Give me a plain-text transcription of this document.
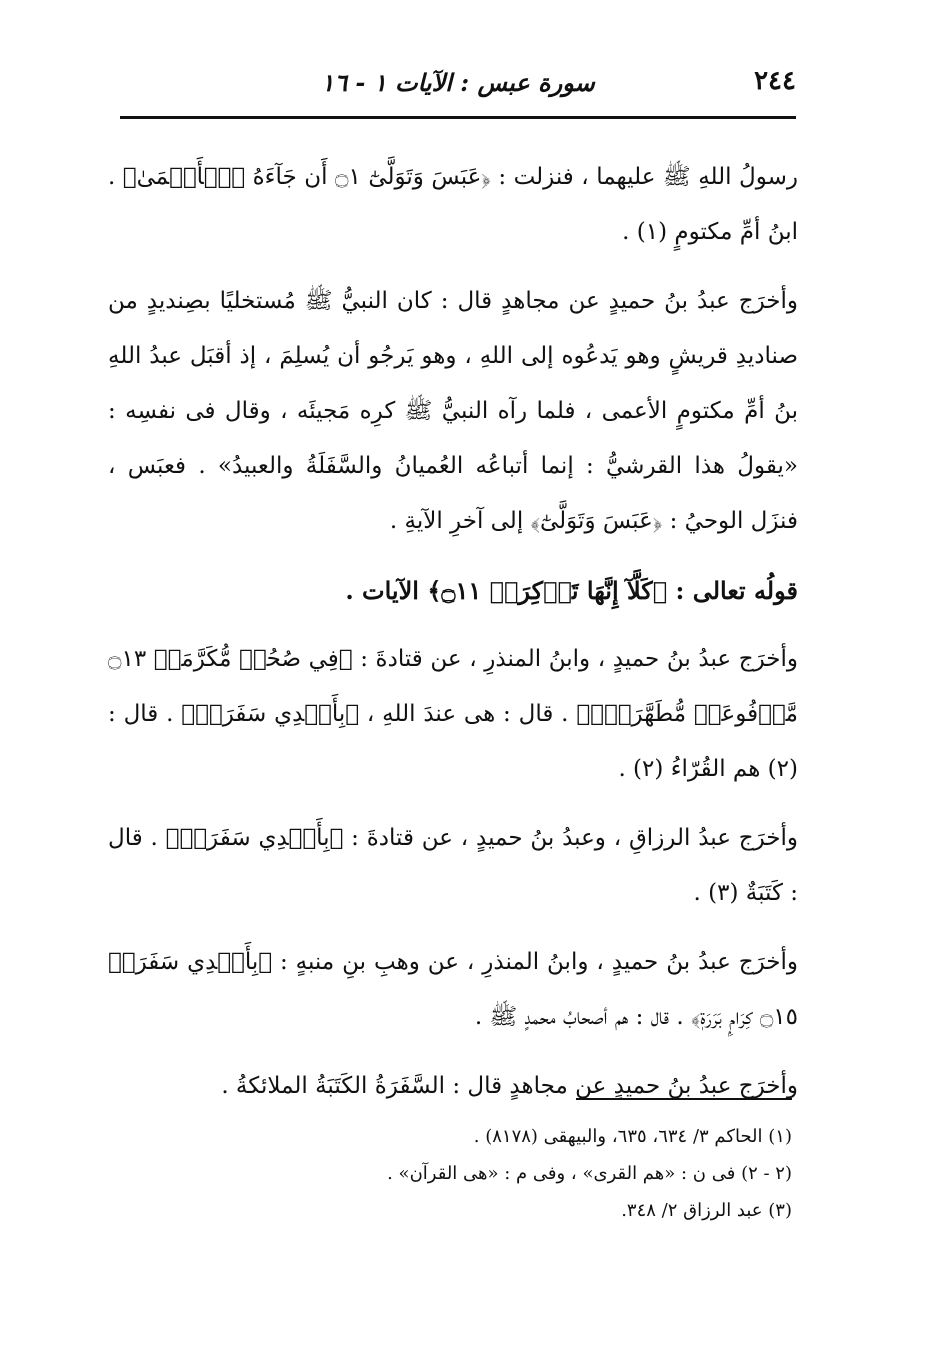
٢٤٤
سورة عبس : الآيات ١ - ١٦

رسولُ اللهِ ﷺ عليهما ، فنزلت : ﴿عَبَسَ وَتَوَلَّىٰٓ ۝١ أَن جَآءَهُ ٱلۡأَعۡمَىٰ﴾ . ابنُ أمِّ مكتومٍ (١) .

وأخرَج عبدُ بنُ حميدٍ عن مجاهدٍ قال : كان النبيُّ ﷺ مُستخليًا بصِنديدٍ من صناديدِ قريشٍ وهو يَدعُوه إلى اللهِ ، وهو يَرجُو أن يُسلِمَ ، إذ أقبَل عبدُ اللهِ بنُ أمِّ مكتومٍ الأعمى ، فلما رآه النبيُّ ﷺ كرِه مَجيئَه ، وقال فى نفسِه : «يقولُ هذا القرشيُّ : إنما أتباعُه العُميانُ والسَّفَلَةُ والعبيدُ» . فعبَس ، فنزَل الوحيُ : ﴿عَبَسَ وَتَوَلَّىٰٓ﴾ إلى آخرِ الآيةِ .

قولُه تعالى : ﴿كَلَّآ إِنَّهَا تَذۡكِرَةٞ ۝١١﴾ الآيات .

وأخرَج عبدُ بنُ حميدٍ ، وابنُ المنذرِ ، عن قتادةَ : ﴿فِي صُحُفٖ مُّكَرَّمَةٖ ۝١٣ مَّرۡفُوعَةٖ مُّطَهَّرَةِۭ﴾ . قال : هى عندَ اللهِ ، ﴿بِأَيۡدِي سَفَرَةٖ﴾ . قال : (٢) هم القُرّاءُ (٢) .

وأخرَج عبدُ الرزاقِ ، وعبدُ بنُ حميدٍ ، عن قتادةَ : ﴿بِأَيۡدِي سَفَرَةٖ﴾ . قال : كَتَبَةٌ (٣) .

وأخرَج عبدُ بنُ حميدٍ ، وابنُ المنذرِ ، عن وهبِ بنِ منبهٍ : ﴿بِأَيۡدِي سَفَرَةٖ ۝١٥ كِرَامِۭ بَرَرَةٖ﴾ . قال : هم أصحابُ محمدٍ ﷺ .

وأخرَج عبدُ بنُ حميدٍ عن مجاهدٍ قال : السَّفَرَةُ الكَتَبَةُ الملائكةُ .

(١) الحاكم ٣/ ٦٣٤، ٦٣٥، والبيهقى (٨١٧٨) .

(٢ - ٢) فى ن : «هم القرى» ، وفى م : «هى القرآن» .

(٣) عبد الرزاق ٢/ ٣٤٨.
